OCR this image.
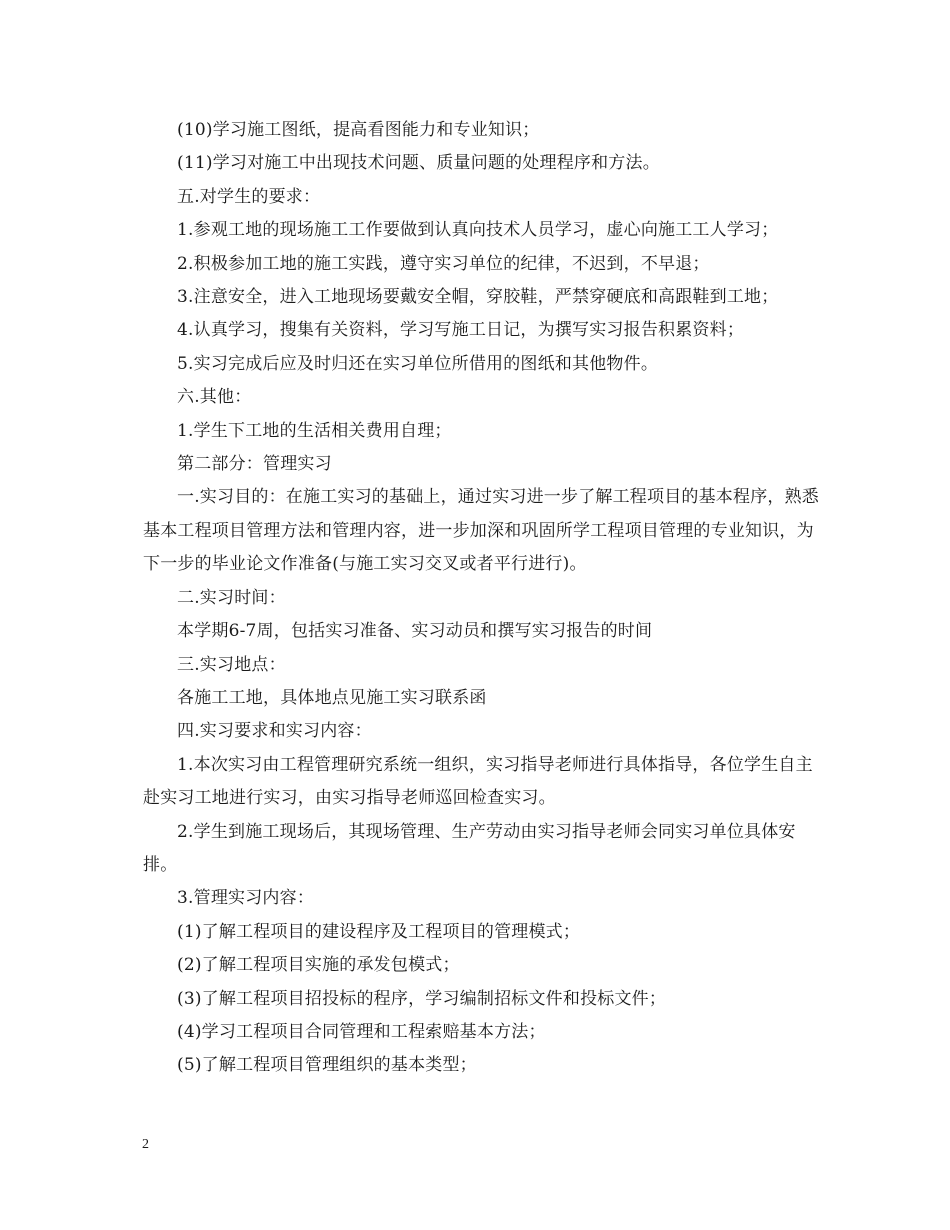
(10)学习施工图纸，提高看图能力和专业知识；

(11)学习对施工中出现技术问题、质量问题的处理程序和方法。

五.对学生的要求：

1.参观工地的现场施工工作要做到认真向技术人员学习，虚心向施工工人学习；

2.积极参加工地的施工实践，遵守实习单位的纪律，不迟到，不早退；

3.注意安全，进入工地现场要戴安全帽，穿胶鞋，严禁穿硬底和高跟鞋到工地；

4.认真学习，搜集有关资料，学习写施工日记，为撰写实习报告积累资料；

5.实习完成后应及时归还在实习单位所借用的图纸和其他物件。

六.其他：

1.学生下工地的生活相关费用自理；

第二部分：管理实习

一.实习目的：在施工实习的基础上，通过实习进一步了解工程项目的基本程序，熟悉基本工程项目管理方法和管理内容，进一步加深和巩固所学工程项目管理的专业知识，为下一步的毕业论文作准备(与施工实习交叉或者平行进行)。

二.实习时间：

本学期6-7周，包括实习准备、实习动员和撰写实习报告的时间

三.实习地点：

各施工工地，具体地点见施工实习联系函

四.实习要求和实习内容：

1.本次实习由工程管理研究系统一组织，实习指导老师进行具体指导，各位学生自主赴实习工地进行实习，由实习指导老师巡回检查实习。

2.学生到施工现场后，其现场管理、生产劳动由实习指导老师会同实习单位具体安排。

3.管理实习内容：

(1)了解工程项目的建设程序及工程项目的管理模式；

(2)了解工程项目实施的承发包模式；

(3)了解工程项目招投标的程序，学习编制招标文件和投标文件；

(4)学习工程项目合同管理和工程索赔基本方法；

(5)了解工程项目管理组织的基本类型；

2
